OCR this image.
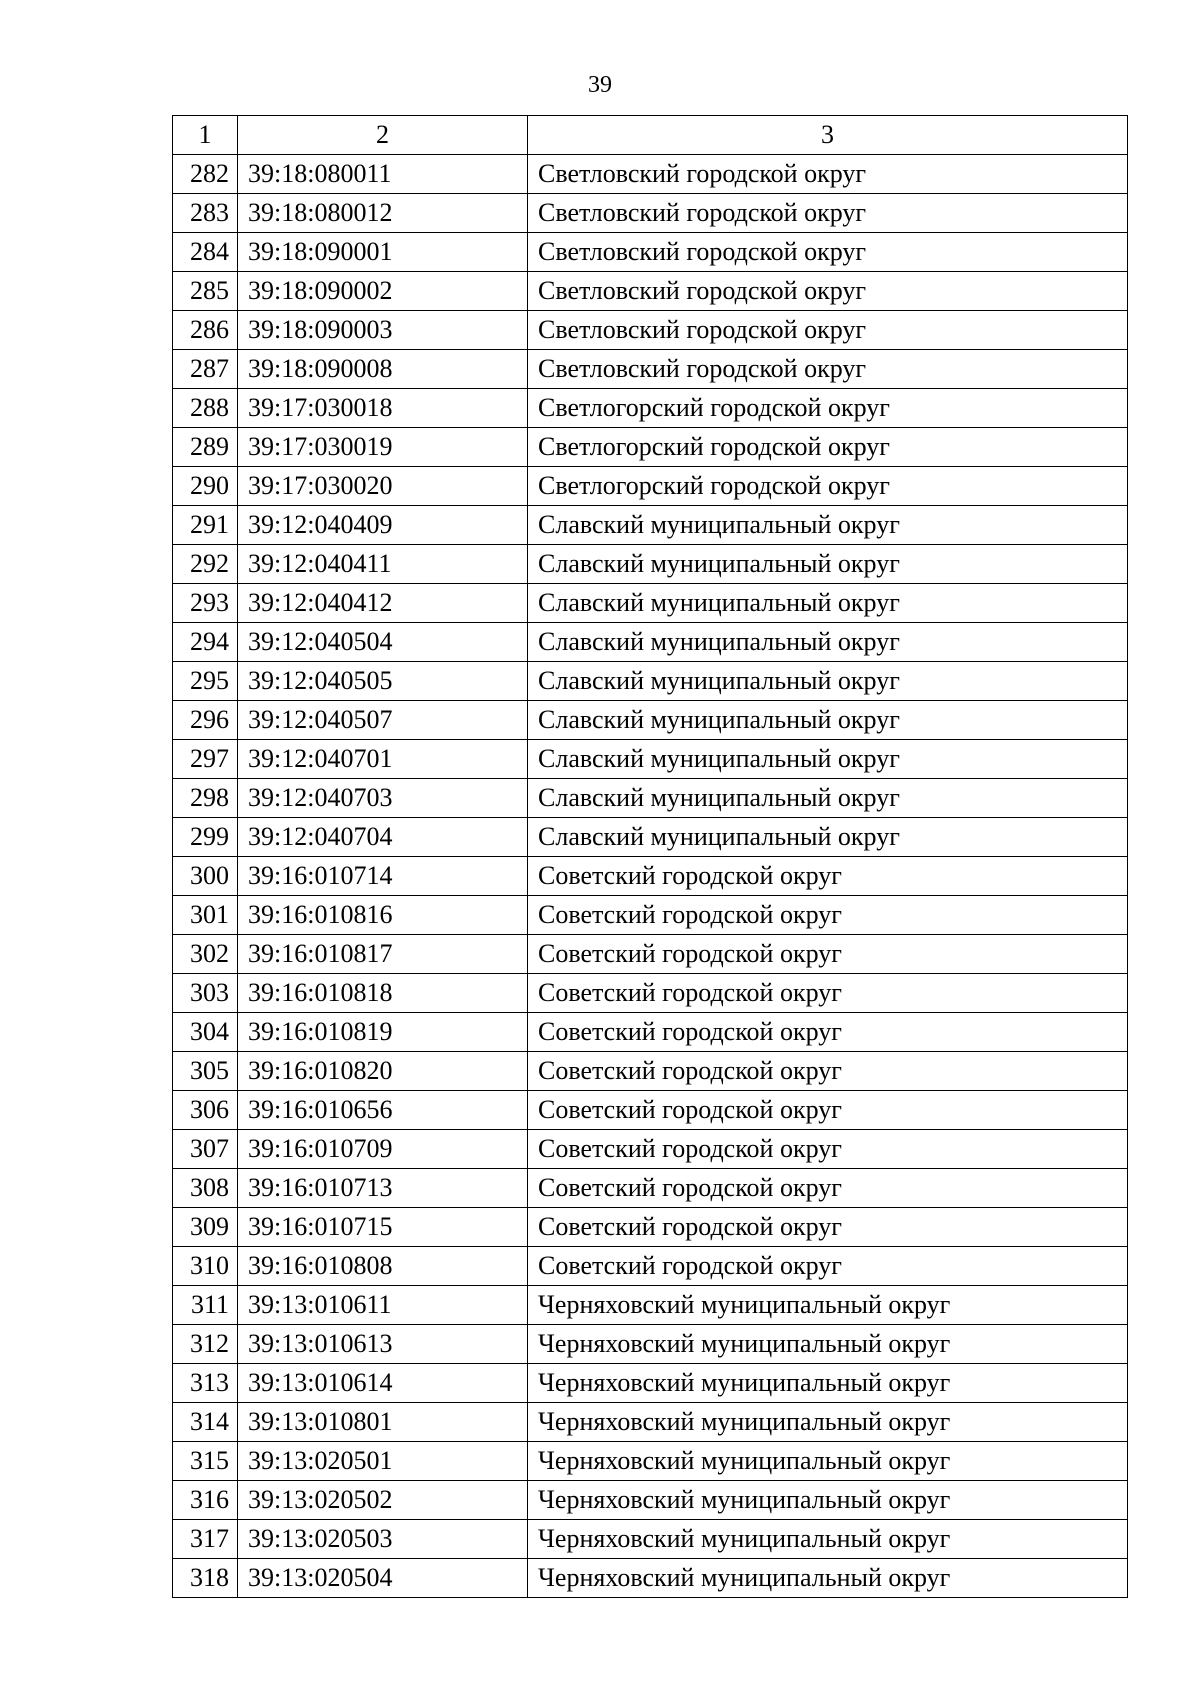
39
1	2	3
282	39:18:080011	Светловский городской округ
283	39:18:080012	Светловский городской округ
284	39:18:090001	Светловский городской округ
285	39:18:090002	Светловский городской округ
286	39:18:090003	Светловский городской округ
287	39:18:090008	Светловский городской округ
288	39:17:030018	Светлогорский городской округ
289	39:17:030019	Светлогорский городской округ
290	39:17:030020	Светлогорский городской округ
291	39:12:040409	Славский муниципальный округ
292	39:12:040411	Славский муниципальный округ
293	39:12:040412	Славский муниципальный округ
294	39:12:040504	Славский муниципальный округ
295	39:12:040505	Славский муниципальный округ
296	39:12:040507	Славский муниципальный округ
297	39:12:040701	Славский муниципальный округ
298	39:12:040703	Славский муниципальный округ
299	39:12:040704	Славский муниципальный округ
300	39:16:010714	Советский городской округ
301	39:16:010816	Советский городской округ
302	39:16:010817	Советский городской округ
303	39:16:010818	Советский городской округ
304	39:16:010819	Советский городской округ
305	39:16:010820	Советский городской округ
306	39:16:010656	Советский городской округ
307	39:16:010709	Советский городской округ
308	39:16:010713	Советский городской округ
309	39:16:010715	Советский городской округ
310	39:16:010808	Советский городской округ
311	39:13:010611	Черняховский муниципальный округ
312	39:13:010613	Черняховский муниципальный округ
313	39:13:010614	Черняховский муниципальный округ
314	39:13:010801	Черняховский муниципальный округ
315	39:13:020501	Черняховский муниципальный округ
316	39:13:020502	Черняховский муниципальный округ
317	39:13:020503	Черняховский муниципальный округ
318	39:13:020504	Черняховский муниципальный округ
